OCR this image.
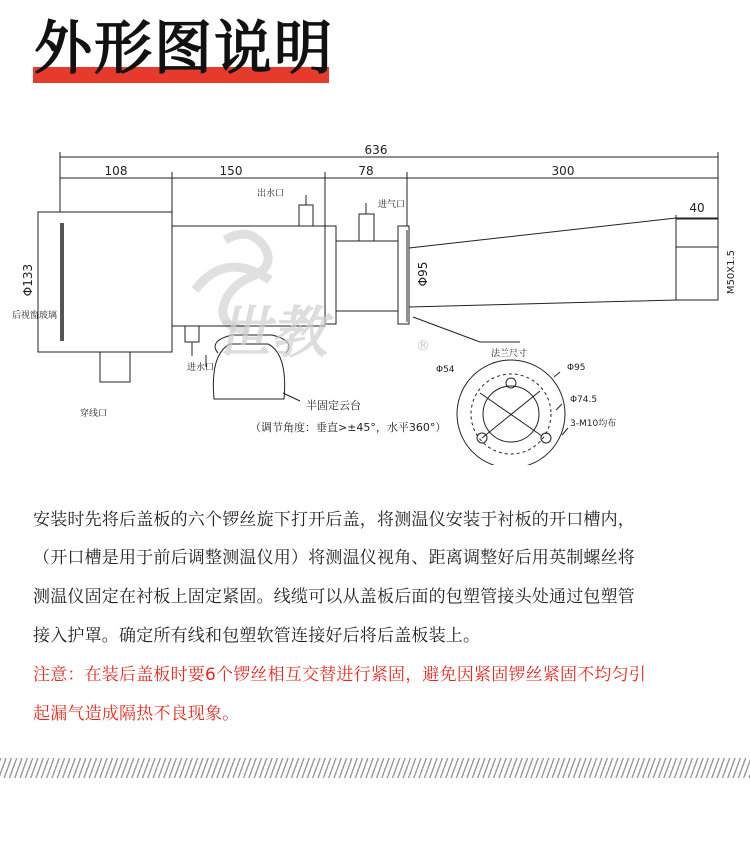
外形图说明
世教	®
636
108	150	78	300
40
Φ133	Φ95	M50X1.5
出水口
进气口
后视窗玻璃
进水口
穿线口
法兰尺寸
半固定云台
（调节角度：垂直>±45°，水平360°）
Φ54	Φ95
Φ74.5
3-M10均布
安装时先将后盖板的六个锣丝旋下打开后盖，将测温仪安装于衬板的开口槽内，
（开口槽是用于前后调整测温仪用）将测温仪视角、距离调整好后用英制螺丝将
测温仪固定在衬板上固定紧固。线缆可以从盖板后面的包塑管接头处通过包塑管
接入护罩。确定所有线和包塑软管连接好后将后盖板装上。
注意：在装后盖板时要6个锣丝相互交替进行紧固，避免因紧固锣丝紧固不均匀引
起漏气造成隔热不良现象。
